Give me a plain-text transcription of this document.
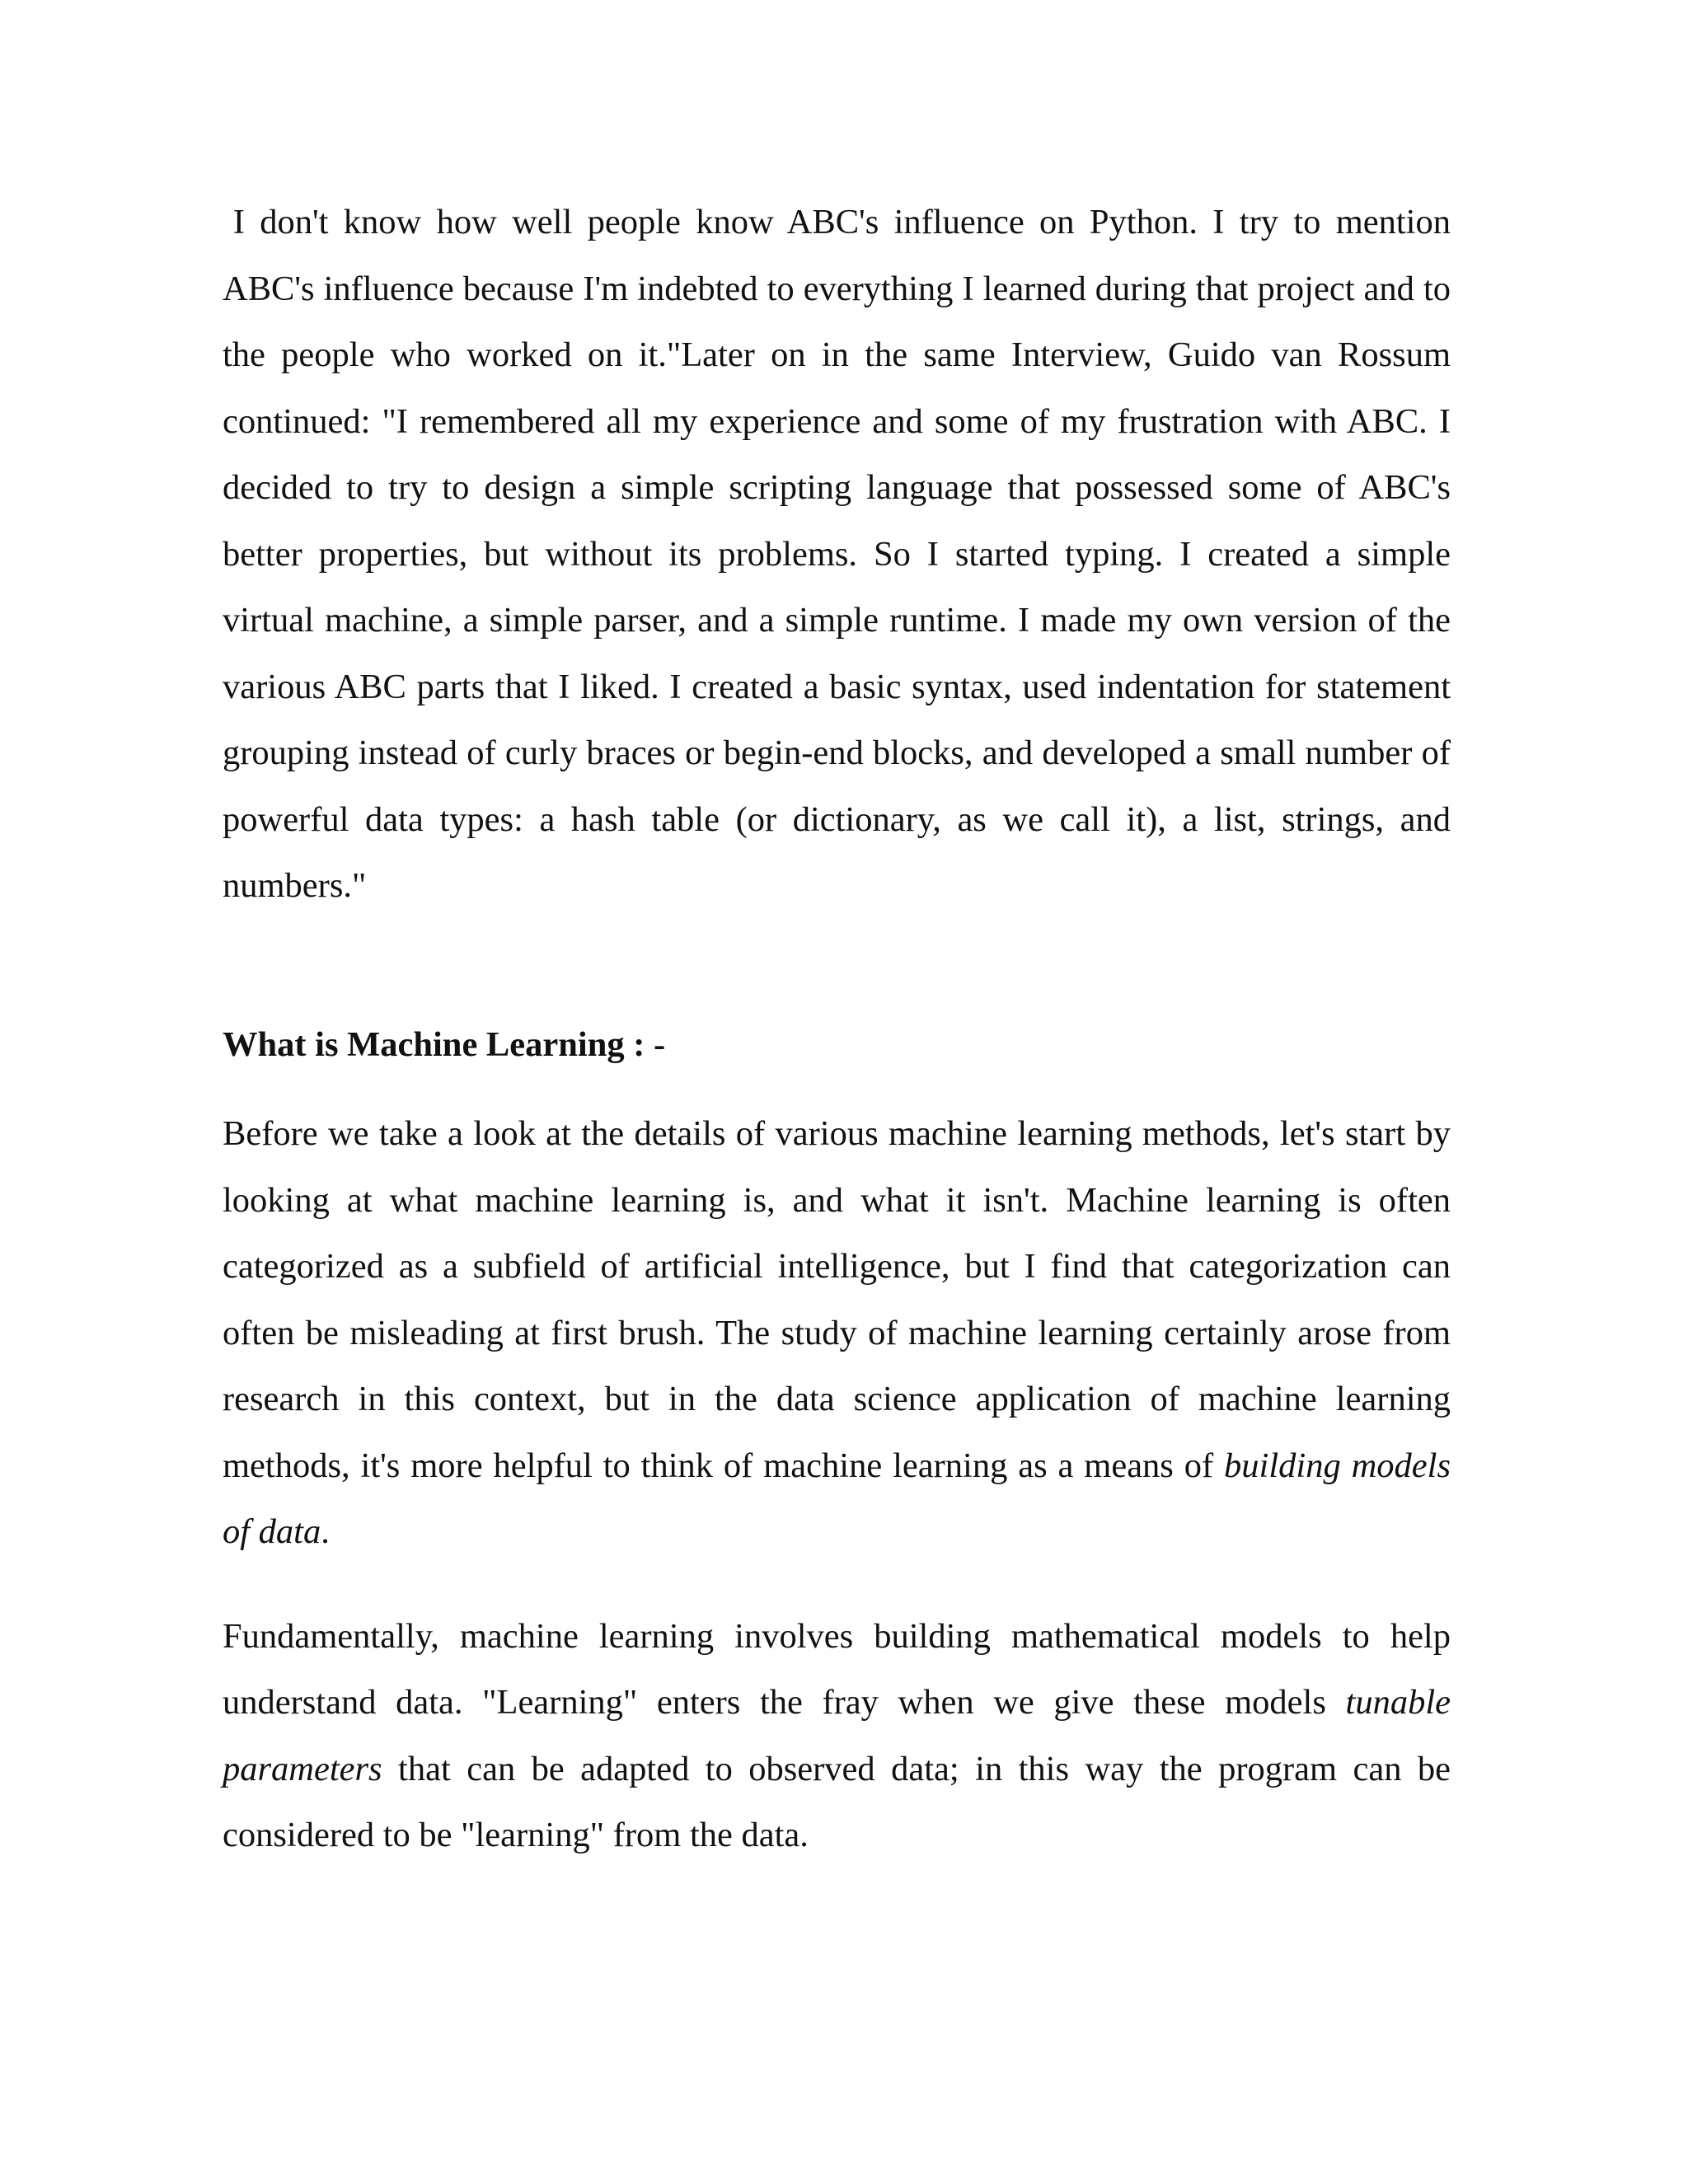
I don't know how well people know ABC's influence on Python. I try to mention ABC's influence because I'm indebted to everything I learned during that project and to the people who worked on it."Later on in the same Interview, Guido van Rossum continued: "I remembered all my experience and some of my frustration with ABC. I decided to try to design a simple scripting language that possessed some of ABC's better properties, but without its problems. So I started typing. I created a simple virtual machine, a simple parser, and a simple runtime. I made my own version of the various ABC parts that I liked. I created a basic syntax, used indentation for statement grouping instead of curly braces or begin-end blocks, and developed a small number of powerful data types: a hash table (or dictionary, as we call it), a list, strings, and numbers."

What is Machine Learning : -

Before we take a look at the details of various machine learning methods, let's start by looking at what machine learning is, and what it isn't. Machine learning is often categorized as a subfield of artificial intelligence, but I find that categorization can often be misleading at first brush. The study of machine learning certainly arose from research in this context, but in the data science application of machine learning methods, it's more helpful to think of machine learning as a means of building models of data.

Fundamentally, machine learning involves building mathematical models to help understand data. "Learning" enters the fray when we give these models tunable parameters that can be adapted to observed data; in this way the program can be considered to be "learning" from the data.
